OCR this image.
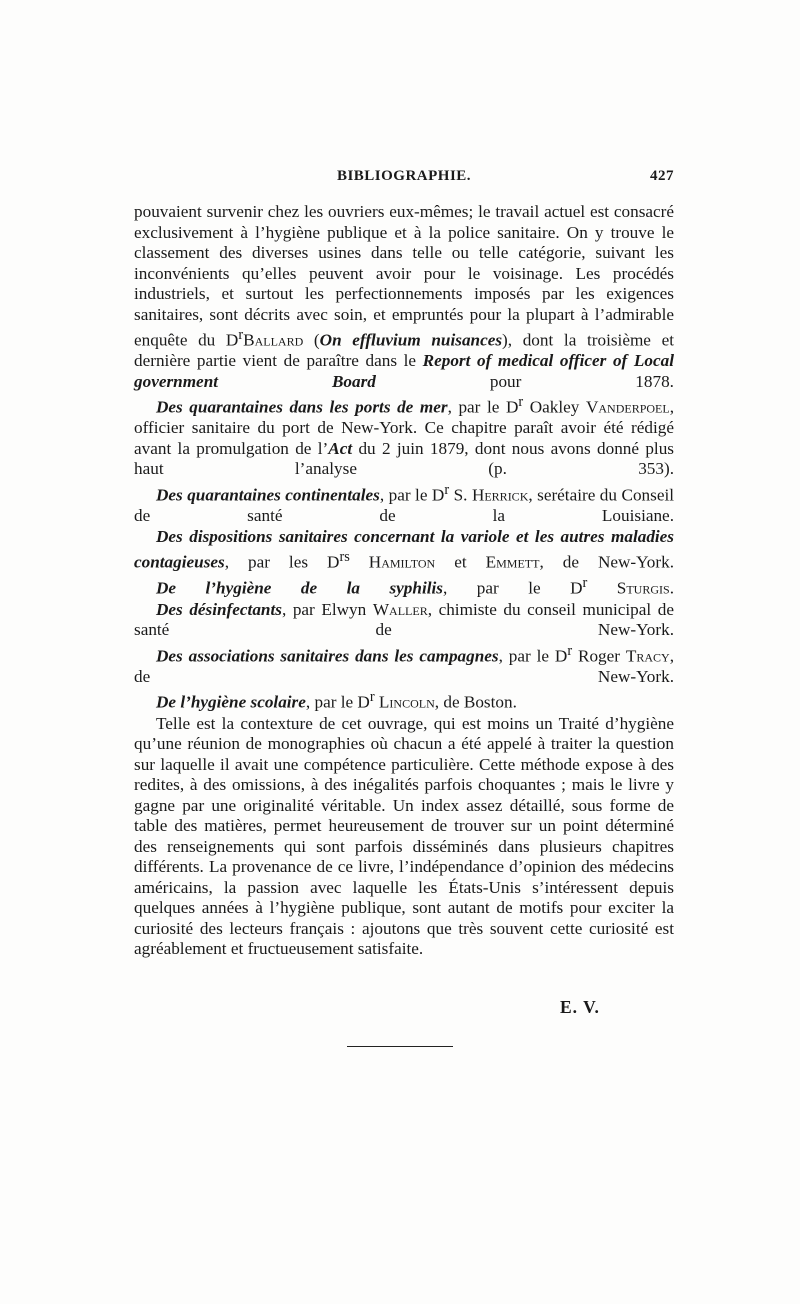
BIBLIOGRAPHIE.	427

pouvaient survenir chez les ouvriers eux-mêmes; le travail actuel est consacré exclusivement à l’hygiène publique et à la police sanitaire. On y trouve le classement des diverses usines dans telle ou telle catégorie, suivant les inconvénients qu’elles peuvent avoir pour le voisinage. Les procédés industriels, et surtout les perfectionnements imposés par les exigences sanitaires, sont décrits avec soin, et empruntés pour la plupart à l’admirable enquête du $D^rBallard$ (On effluvium nuisances), dont la troisième et dernière partie vient de paraître dans le Report of medical officer of Local government Board pour 1878.

Des quarantaines dans les ports de mer, par le $D^r$ Oakley Vanderpoel, officier sanitaire du port de New-York. Ce chapitre paraît avoir été rédigé avant la promulgation de l’Act du 2 juin 1879, dont nous avons donné plus haut l’analyse (p. 353).

Des quarantaines continentales, par le $D^r$ S. Herrick, serétaire du Conseil de santé de la Louisiane.

Des dispositions sanitaires concernant la variole et les autres maladies contagieuses, par les $D^{rs}$ Hamilton et Emmett, de New-York.

De l’hygiène de la syphilis, par le $D^r$ Sturgis.

Des désinfectants, par Elwyn Waller, chimiste du conseil municipal de santé de New-York.

Des associations sanitaires dans les campagnes, par le $D^r$ Roger Tracy, de New-York.

De l’hygiène scolaire, par le $D^r$ Lincoln, de Boston.

Telle est la contexture de cet ouvrage, qui est moins un Traité d’hygiène qu’une réunion de monographies où chacun a été appelé à traiter la question sur laquelle il avait une compétence particulière. Cette méthode expose à des redites, à des omissions, à des inégalités parfois choquantes ; mais le livre y gagne par une originalité véritable. Un index assez détaillé, sous forme de table des matières, permet heureusement de trouver sur un point déterminé des renseignements qui sont parfois disséminés dans plusieurs chapitres différents. La provenance de ce livre, l’indépendance d’opinion des médecins américains, la passion avec laquelle les États-Unis s’intéressent depuis quelques années à l’hygiène publique, sont autant de motifs pour exciter la curiosité des lecteurs français : ajoutons que très souvent cette curiosité est agréablement et fructueusement satisfaite.

E. V.
